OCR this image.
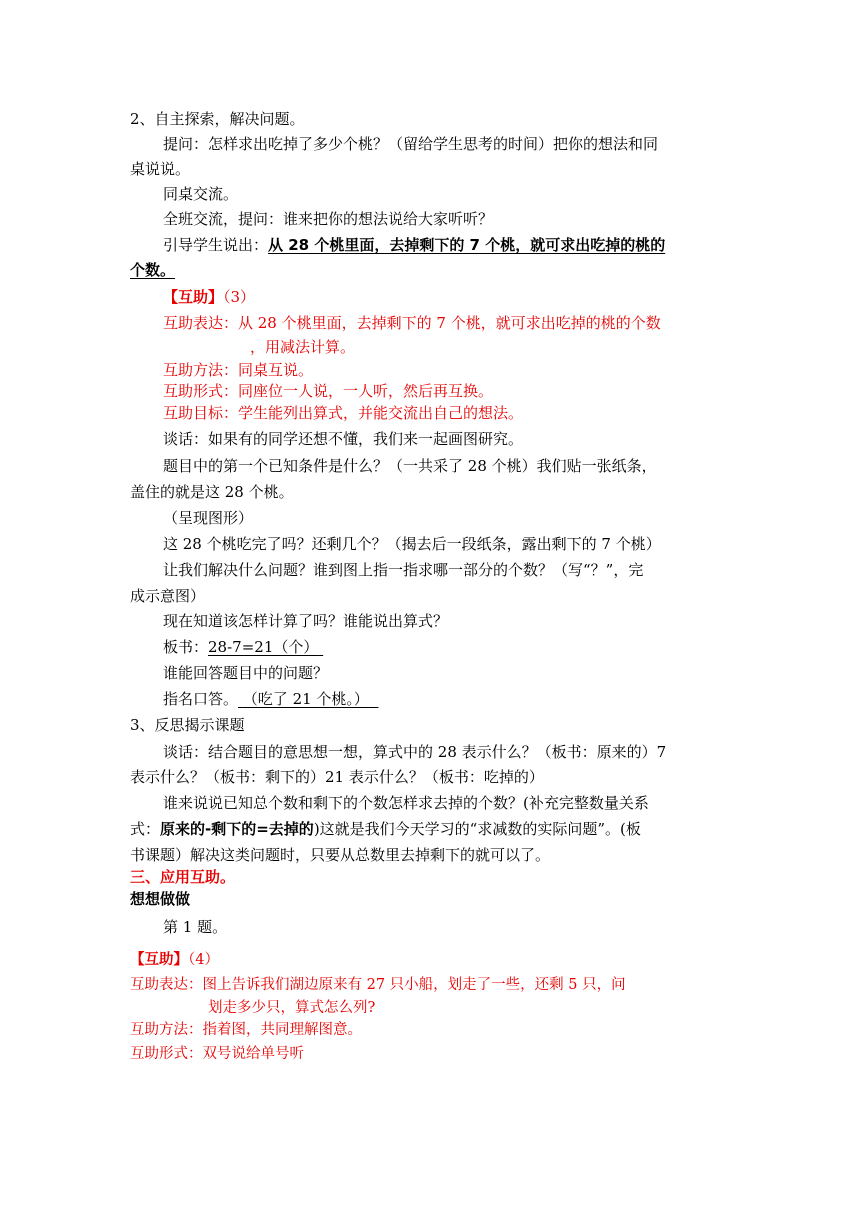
2、自主探索，解决问题。
提问：怎样求出吃掉了多少个桃？（留给学生思考的时间）把你的想法和同
桌说说。
同桌交流。
全班交流，提问：谁来把你的想法说给大家听听？
引导学生说出：从 28 个桃里面，去掉剩下的 7 个桃，就可求出吃掉的桃的
个数。
【互助】（3）
互助表达：从 28 个桃里面，去掉剩下的 7 个桃，就可求出吃掉的桃的个数
，用减法计算。
互助方法：同桌互说。
互助形式：同座位一人说，一人听，然后再互换。
互助目标：学生能列出算式，并能交流出自己的想法。
谈话：如果有的同学还想不懂，我们来一起画图研究。
题目中的第一个已知条件是什么？（一共采了 28 个桃）我们贴一张纸条，
盖住的就是这 28 个桃。
（呈现图形）
这 28 个桃吃完了吗？还剩几个？（揭去后一段纸条，露出剩下的 7 个桃）
让我们解决什么问题？谁到图上指一指求哪一部分的个数？（写“？”，完
成示意图）
现在知道该怎样计算了吗？谁能说出算式？
板书：28-7=21（个）
谁能回答题目中的问题？
指名口答。 （吃了 21 个桃。）
3、反思揭示课题
谈话：结合题目的意思想一想，算式中的 28 表示什么？（板书：原来的）7
表示什么？（板书：剩下的）21 表示什么？（板书：吃掉的）
谁来说说已知总个数和剩下的个数怎样求去掉的个数？(补充完整数量关系
式：原来的-剩下的=去掉的)这就是我们今天学习的“求减数的实际问题”。(板
书课题）解决这类问题时，只要从总数里去掉剩下的就可以了。
三、应用互助。
想想做做
第 1 题。
【互助】（4）
互助表达：图上告诉我们湖边原来有 27 只小船，划走了一些，还剩 5 只，问
划走多少只，算式怎么列?
互助方法：指着图，共同理解图意。
互助形式：双号说给单号听
